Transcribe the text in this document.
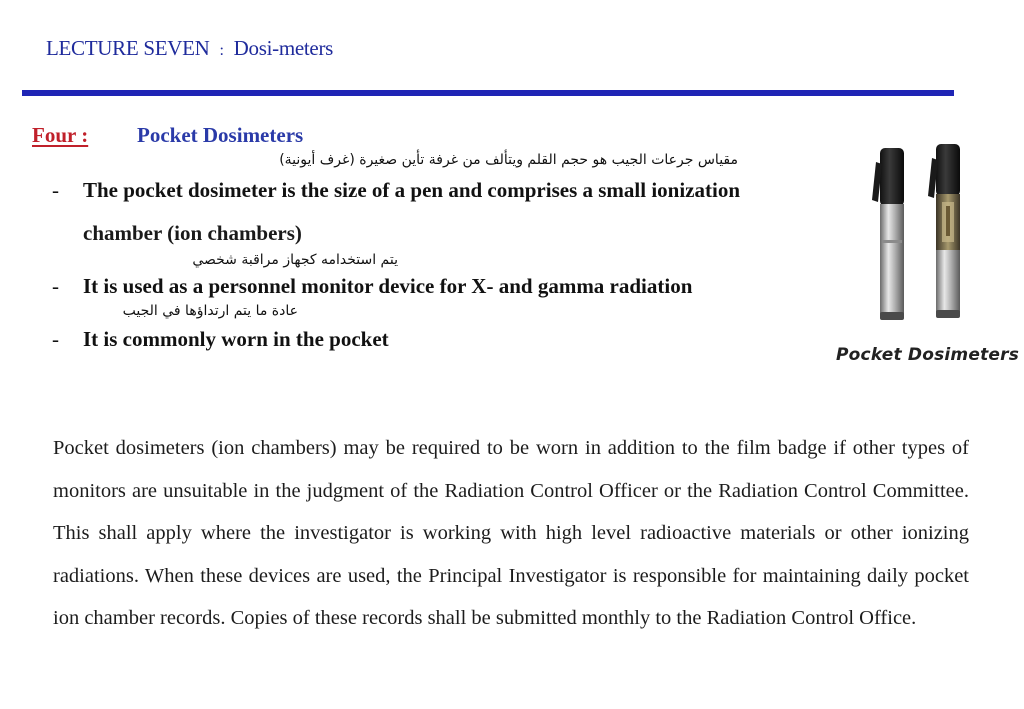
LECTURE SEVEN : Dosi-meters
Four : Pocket Dosimeters
مقياس جرعات الجيب هو حجم القلم ويتألف من غرفة تأين صغيرة (غرف أيونية)
- The pocket dosimeter is the size of a pen and comprises a small ionization
chamber (ion chambers)
يتم استخدامه كجهاز مراقبة شخصي
- It is used as a personnel monitor device for X- and gamma radiation
عادة ما يتم ارتداؤها في الجيب
- It is commonly worn in the pocket
Pocket Dosimeters
Pocket dosimeters (ion chambers) may be required to be worn in addition to the film badge if other types of monitors are unsuitable in the judgment of the Radiation Control Officer or the Radiation Control Committee. This shall apply where the investigator is working with high level radioactive materials or other ionizing radiations. When these devices are used, the Principal Investigator is responsible for maintaining daily pocket ion chamber records. Copies of these records shall be submitted monthly to the Radiation Control Office.
